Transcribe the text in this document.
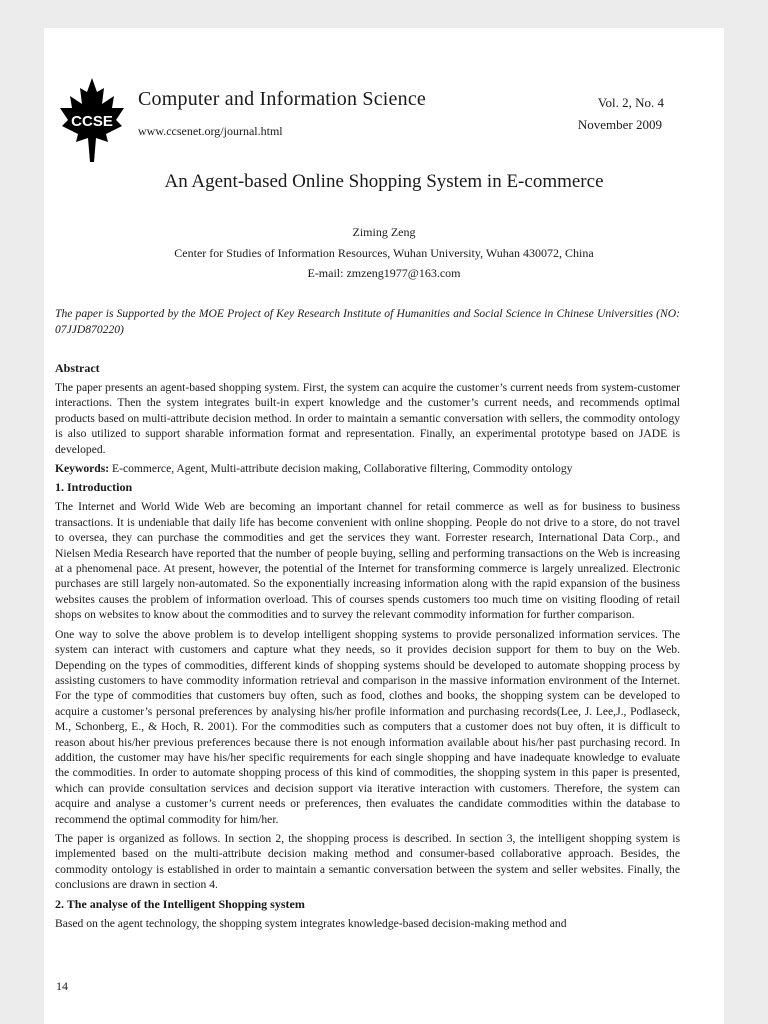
CCSE
Computer and Information Science
www.ccsenet.org/journal.html
Vol. 2, No. 4
November 2009
An Agent-based Online Shopping System in E-commerce
Ziming Zeng
Center for Studies of Information Resources, Wuhan University, Wuhan 430072, China
E-mail: zmzeng1977@163.com
The paper is Supported by the MOE Project of Key Research Institute of Humanities and Social Science in Chinese Universities (NO: 07JJD870220)
Abstract

The paper presents an agent-based shopping system. First, the system can acquire the customer’s current needs from system-customer interactions. Then the system integrates built-in expert knowledge and the customer’s current needs, and recommends optimal products based on multi-attribute decision method. In order to maintain a semantic conversation with sellers, the commodity ontology is also utilized to support sharable information format and representation. Finally, an experimental prototype based on JADE is developed.

Keywords: E-commerce, Agent, Multi-attribute decision making, Collaborative filtering, Commodity ontology

1. Introduction

The Internet and World Wide Web are becoming an important channel for retail commerce as well as for business to business transactions. It is undeniable that daily life has become convenient with online shopping. People do not drive to a store, do not travel to oversea, they can purchase the commodities and get the services they want. Forrester research, International Data Corp., and Nielsen Media Research have reported that the number of people buying, selling and performing transactions on the Web is increasing at a phenomenal pace. At present, however, the potential of the Internet for transforming commerce is largely unrealized. Electronic purchases are still largely non-automated. So the exponentially increasing information along with the rapid expansion of the business websites causes the problem of information overload. This of courses spends customers too much time on visiting flooding of retail shops on websites to know about the commodities and to survey the relevant commodity information for further comparison.

One way to solve the above problem is to develop intelligent shopping systems to provide personalized information services. The system can interact with customers and capture what they needs, so it provides decision support for them to buy on the Web. Depending on the types of commodities, different kinds of shopping systems should be developed to automate shopping process by assisting customers to have commodity information retrieval and comparison in the massive information environment of the Internet. For the type of commodities that customers buy often, such as food, clothes and books, the shopping system can be developed to acquire a customer’s personal preferences by analysing his/her profile information and purchasing records(Lee, J. Lee,J., Podlaseck, M., Schonberg, E., & Hoch, R. 2001). For the commodities such as computers that a customer does not buy often, it is difficult to reason about his/her previous preferences because there is not enough information available about his/her past purchasing record. In addition, the customer may have his/her specific requirements for each single shopping and have inadequate knowledge to evaluate the commodities. In order to automate shopping process of this kind of commodities, the shopping system in this paper is presented, which can provide consultation services and decision support via iterative interaction with customers. Therefore, the system can acquire and analyse a customer’s current needs or preferences, then evaluates the candidate commodities within the database to recommend the optimal commodity for him/her.

The paper is organized as follows. In section 2, the shopping process is described. In section 3, the intelligent shopping system is implemented based on the multi-attribute decision making method and consumer-based collaborative approach. Besides, the commodity ontology is established in order to maintain a semantic conversation between the system and seller websites. Finally, the conclusions are drawn in section 4.

2. The analyse of the Intelligent Shopping system

Based on the agent technology, the shopping system integrates knowledge-based decision-making method and

14
